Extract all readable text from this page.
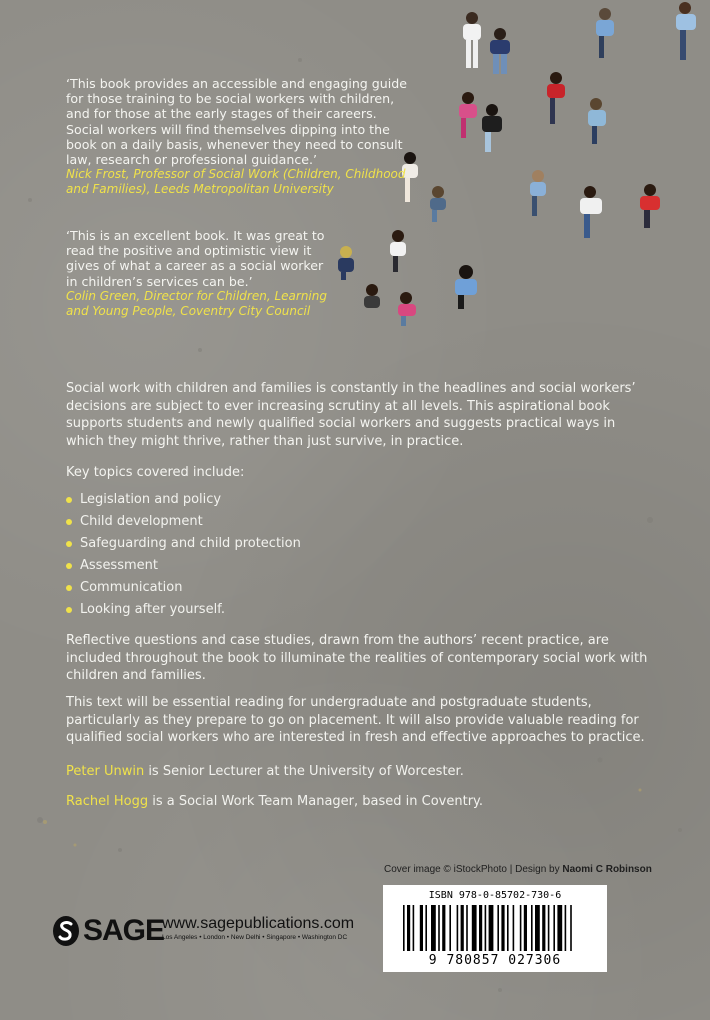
‘This book provides an accessible and engaging guide for those training to be social workers with children, and for those at the early stages of their careers. Social workers will find themselves dipping into the book on a daily basis, whenever they need to consult law, research or professional guidance.’
Nick Frost, Professor of Social Work (Children, Childhood and Families), Leeds Metropolitan University
‘This is an excellent book. It was great to read the positive and optimistic view it gives of what a career as a social worker in children’s services can be.’
Colin Green, Director for Children, Learning and Young People, Coventry City Council
Social work with children and families is constantly in the headlines and social workers’ decisions are subject to ever increasing scrutiny at all levels. This aspirational book supports students and newly qualified social workers and suggests practical ways in which they might thrive, rather than just survive, in practice.
Key topics covered include:
Legislation and policy
Child development
Safeguarding and child protection
Assessment
Communication
Looking after yourself.
Reflective questions and case studies, drawn from the authors’ recent practice, are included throughout the book to illuminate the realities of contemporary social work with children and families.
This text will be essential reading for undergraduate and postgraduate students, particularly as they prepare to go on placement. It will also provide valuable reading for qualified social workers who are interested in fresh and effective approaches to practice.
Peter Unwin is Senior Lecturer at the University of Worcester.
Rachel Hogg is a Social Work Team Manager, based in Coventry.
Cover image © iStockPhoto | Design by Naomi C Robinson
SAGE
www.sagepublications.com
Los Angeles • London • New Delhi • Singapore • Washington DC
ISBN 978-0-85702-730-6
9 780857 027306
